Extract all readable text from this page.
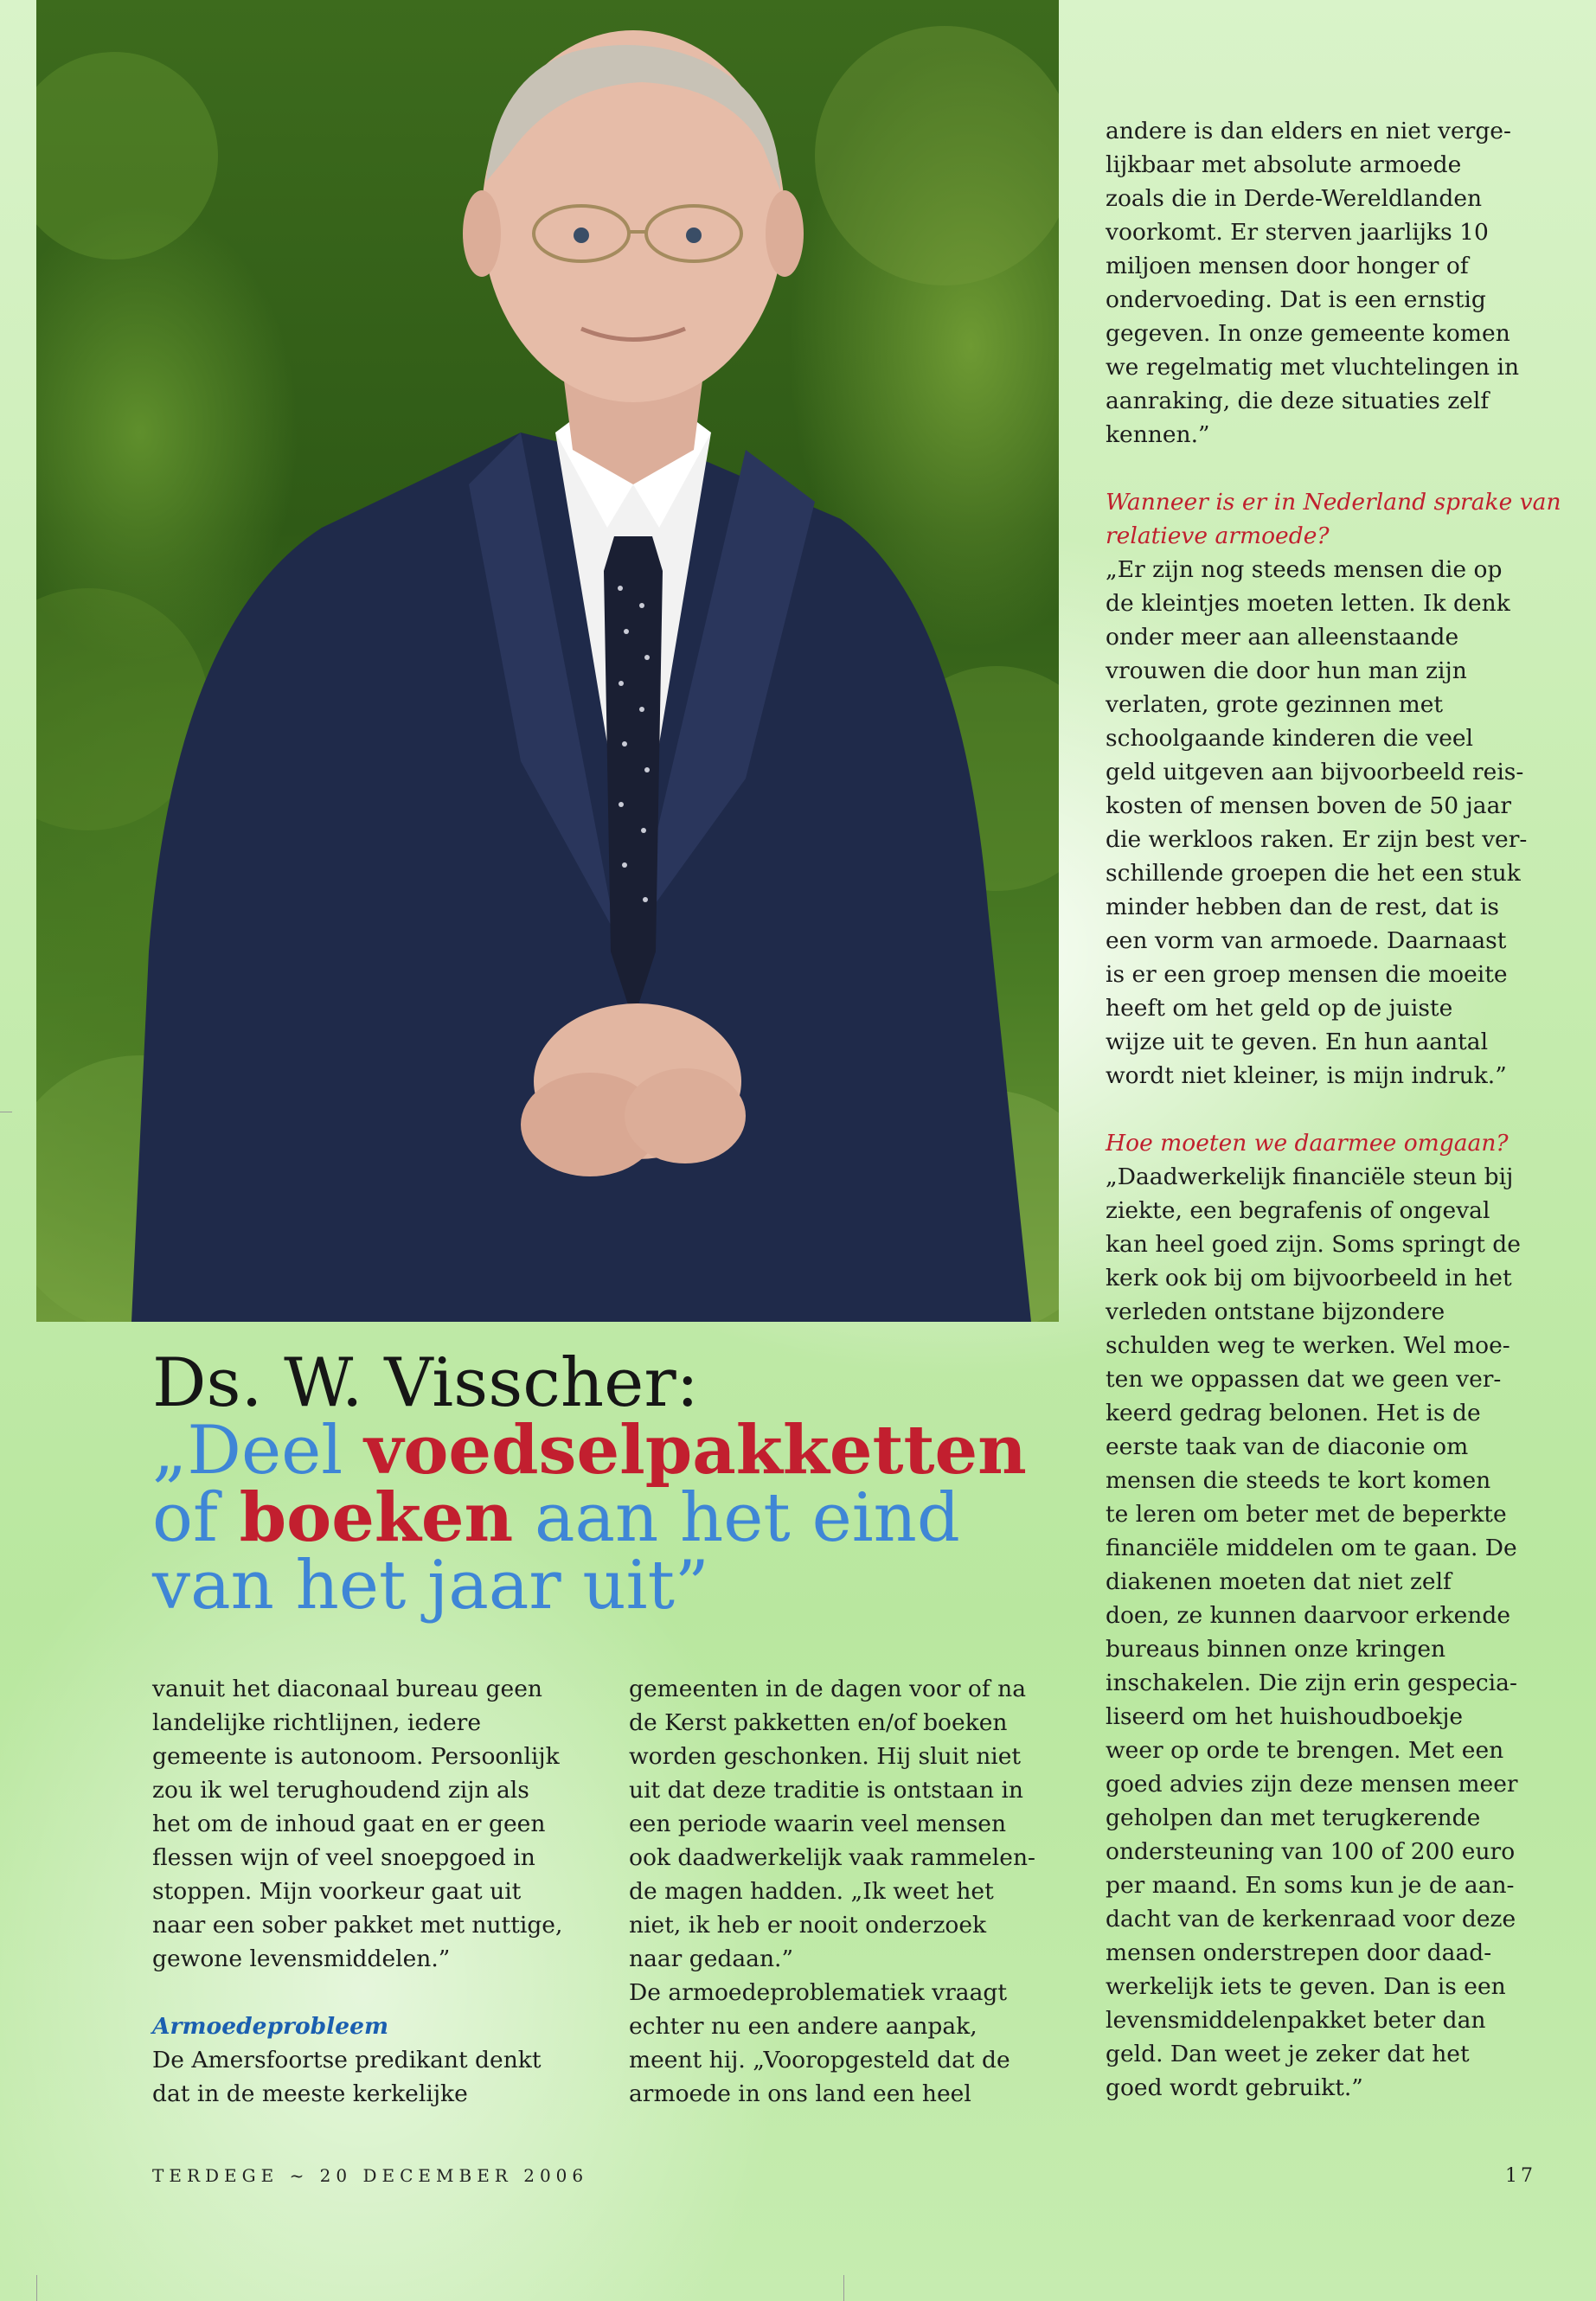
Ds. W. Visscher:
„Deel voedselpakketten
of boeken aan het eind
van het jaar uit”

vanuit het diaconaal bureau geen

landelijke richtlijnen, iedere

gemeente is autonoom. Persoonlijk

zou ik wel terughoudend zijn als

het om de inhoud gaat en er geen

flessen wijn of veel snoepgoed in

stoppen. Mijn voorkeur gaat uit

naar een sober pakket met nuttige,

gewone levensmiddelen.”

Armoedeprobleem

De Amersfoortse predikant denkt

dat in de meeste kerkelijke

gemeenten in de dagen voor of na

de Kerst pakketten en/of boeken

worden geschonken. Hij sluit niet

uit dat deze traditie is ontstaan in

een periode waarin veel mensen

ook daadwerkelijk vaak rammelen-

de magen hadden. „Ik weet het

niet, ik heb er nooit onderzoek

naar gedaan.”

De armoedeproblematiek vraagt

echter nu een andere aanpak,

meent hij. „Vooropgesteld dat de

armoede in ons land een heel

andere is dan elders en niet verge-

lijkbaar met absolute armoede

zoals die in Derde-Wereldlanden

voorkomt. Er sterven jaarlijks 10

miljoen mensen door honger of

ondervoeding. Dat is een ernstig

gegeven. In onze gemeente komen

we regelmatig met vluchtelingen in

aanraking, die deze situaties zelf

kennen.”

Wanneer is er in Nederland sprake van

relatieve armoede?

„Er zijn nog steeds mensen die op

de kleintjes moeten letten. Ik denk

onder meer aan alleenstaande

vrouwen die door hun man zijn

verlaten, grote gezinnen met

schoolgaande kinderen die veel

geld uitgeven aan bijvoorbeeld reis-

kosten of mensen boven de 50 jaar

die werkloos raken. Er zijn best ver-

schillende groepen die het een stuk

minder hebben dan de rest, dat is

een vorm van armoede. Daarnaast

is er een groep mensen die moeite

heeft om het geld op de juiste

wijze uit te geven. En hun aantal

wordt niet kleiner, is mijn indruk.”

Hoe moeten we daarmee omgaan?

„Daadwerkelijk financiële steun bij

ziekte, een begrafenis of ongeval

kan heel goed zijn. Soms springt de

kerk ook bij om bijvoorbeeld in het

verleden ontstane bijzondere

schulden weg te werken. Wel moe-

ten we oppassen dat we geen ver-

keerd gedrag belonen. Het is de

eerste taak van de diaconie om

mensen die steeds te kort komen

te leren om beter met de beperkte

financiële middelen om te gaan. De

diakenen moeten dat niet zelf

doen, ze kunnen daarvoor erkende

bureaus binnen onze kringen

inschakelen. Die zijn erin gespecia-

liseerd om het huishoudboekje

weer op orde te brengen. Met een

goed advies zijn deze mensen meer

geholpen dan met terugkerende

ondersteuning van 100 of 200 euro

per maand. En soms kun je de aan-

dacht van de kerkenraad voor deze

mensen onderstrepen door daad-

werkelijk iets te geven. Dan is een

levensmiddelenpakket beter dan

geld. Dan weet je zeker dat het

goed wordt gebruikt.”

TERDEGE ~ 20 DECEMBER 2006	17
